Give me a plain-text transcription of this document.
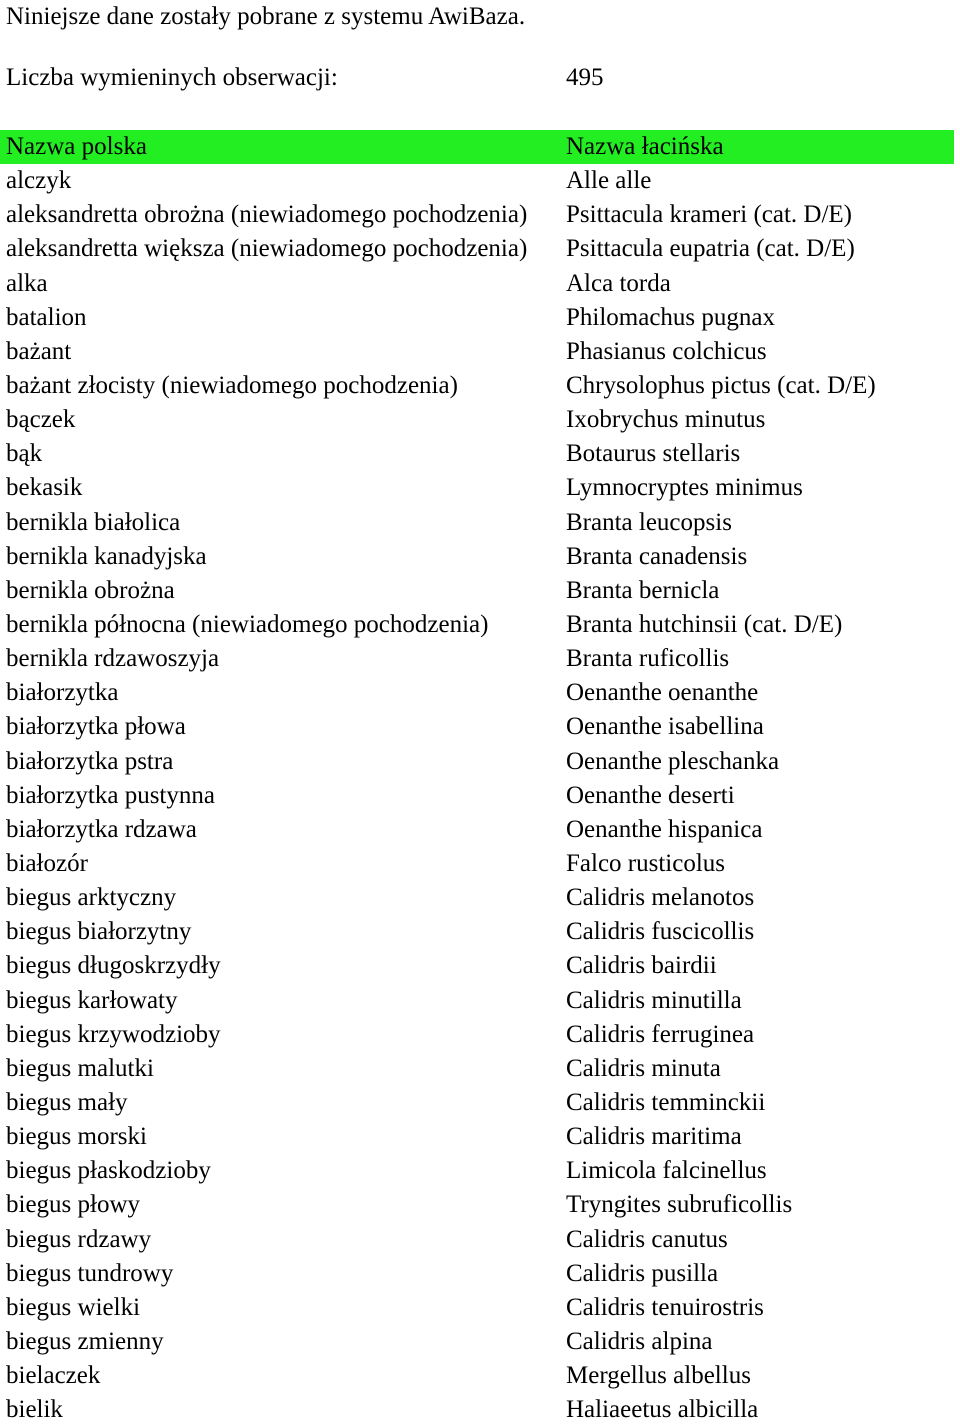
Niniejsze dane zostały pobrane z systemu AwiBaza.
Liczba wymieninych obserwacji:	495
Nazwa polska	Nazwa łacińska
alczyk	Alle alle
aleksandretta obrożna (niewiadomego pochodzenia)	Psittacula krameri (cat. D/E)
aleksandretta większa (niewiadomego pochodzenia)	Psittacula eupatria (cat. D/E)
alka	Alca torda
batalion	Philomachus pugnax
bażant	Phasianus colchicus
bażant złocisty (niewiadomego pochodzenia)	Chrysolophus pictus (cat. D/E)
bączek	Ixobrychus minutus
bąk	Botaurus stellaris
bekasik	Lymnocryptes minimus
bernikla białolica	Branta leucopsis
bernikla kanadyjska	Branta canadensis
bernikla obrożna	Branta bernicla
bernikla północna (niewiadomego pochodzenia)	Branta hutchinsii (cat. D/E)
bernikla rdzawoszyja	Branta ruficollis
białorzytka	Oenanthe oenanthe
białorzytka płowa	Oenanthe isabellina
białorzytka pstra	Oenanthe pleschanka
białorzytka pustynna	Oenanthe deserti
białorzytka rdzawa	Oenanthe hispanica
białozór	Falco rusticolus
biegus arktyczny	Calidris melanotos
biegus białorzytny	Calidris fuscicollis
biegus długoskrzydły	Calidris bairdii
biegus karłowaty	Calidris minutilla
biegus krzywodzioby	Calidris ferruginea
biegus malutki	Calidris minuta
biegus mały	Calidris temminckii
biegus morski	Calidris maritima
biegus płaskodzioby	Limicola falcinellus
biegus płowy	Tryngites subruficollis
biegus rdzawy	Calidris canutus
biegus tundrowy	Calidris pusilla
biegus wielki	Calidris tenuirostris
biegus zmienny	Calidris alpina
bielaczek	Mergellus albellus
bielik	Haliaeetus albicilla
